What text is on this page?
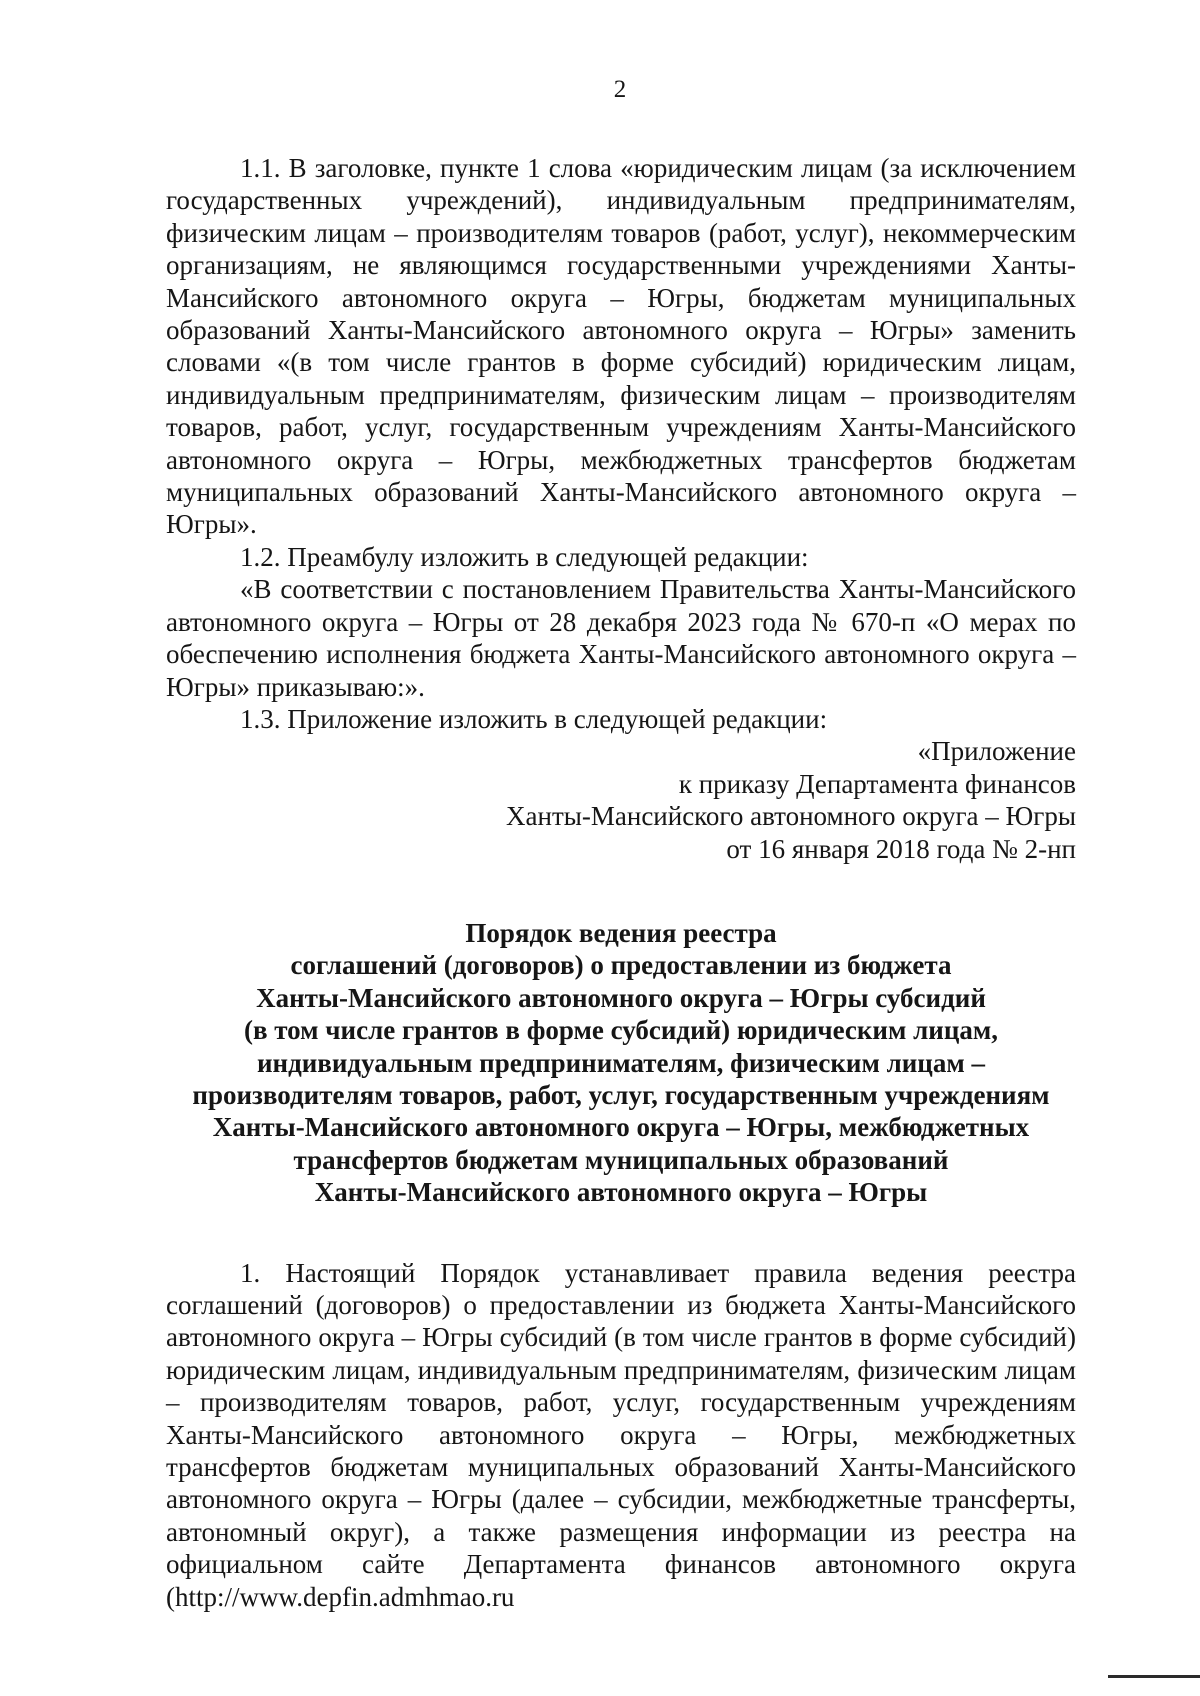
2

1.1. В заголовке, пункте 1 слова «юридическим лицам (за исключением государственных учреждений), индивидуальным предпринимателям, физическим лицам – производителям товаров (работ, услуг), некоммерческим организациям, не являющимся государственными учреждениями Ханты-Мансийского автономного округа – Югры, бюджетам муниципальных образований Ханты-Мансийского автономного округа – Югры» заменить словами «(в том числе грантов в форме субсидий) юридическим лицам, индивидуальным предпринимателям, физическим лицам – производителям товаров, работ, услуг, государственным учреждениям Ханты-Мансийского автономного округа – Югры, межбюджетных трансфертов бюджетам муниципальных образований Ханты-Мансийского автономного округа – Югры».

1.2. Преамбулу изложить в следующей редакции:

«В соответствии с постановлением Правительства Ханты-Мансийского автономного округа – Югры от 28 декабря 2023 года № 670-п «О мерах по обеспечению исполнения бюджета Ханты-Мансийского автономного округа – Югры» приказываю:».

1.3. Приложение изложить в следующей редакции:

«Приложение
к приказу Департамента финансов
Ханты-Мансийского автономного округа – Югры
от 16 января 2018 года № 2-нп
Порядок ведения реестра
соглашений (договоров) о предоставлении из бюджета
Ханты-Мансийского автономного округа – Югры субсидий
(в том числе грантов в форме субсидий) юридическим лицам,
индивидуальным предпринимателям, физическим лицам –
производителям товаров, работ, услуг, государственным учреждениям
Ханты-Мансийского автономного округа – Югры, межбюджетных
трансфертов бюджетам муниципальных образований
Ханты-Мансийского автономного округа – Югры

1. Настоящий Порядок устанавливает правила ведения реестра соглашений (договоров) о предоставлении из бюджета Ханты-Мансийского автономного округа – Югры субсидий (в том числе грантов в форме субсидий) юридическим лицам, индивидуальным предпринимателям, физическим лицам – производителям товаров, работ, услуг, государственным учреждениям Ханты-Мансийского автономного округа – Югры, межбюджетных трансфертов бюджетам муниципальных образований Ханты-Мансийского автономного округа – Югры (далее – субсидии, межбюджетные трансферты, автономный округ), а также размещения информации из реестра на официальном сайте Департамента финансов автономного округа (http://www.depfin.admhmao.ru
